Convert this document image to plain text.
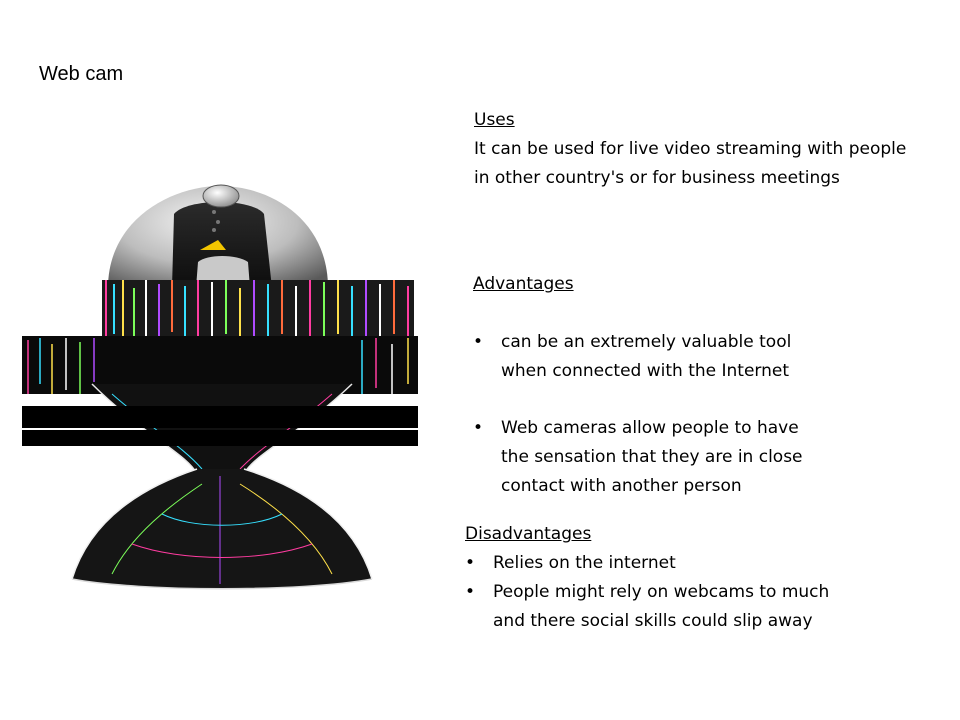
Web cam
Uses
It can be used for live video streaming with people
in other country's or for business meetings
Advantages
• can be an extremely valuable tool
when connected with the Internet
• Web cameras allow people to have
the sensation that they are in close
contact with another person
Disadvantages
• Relies on the internet
• People might rely on webcams to much
and there social skills could slip away
